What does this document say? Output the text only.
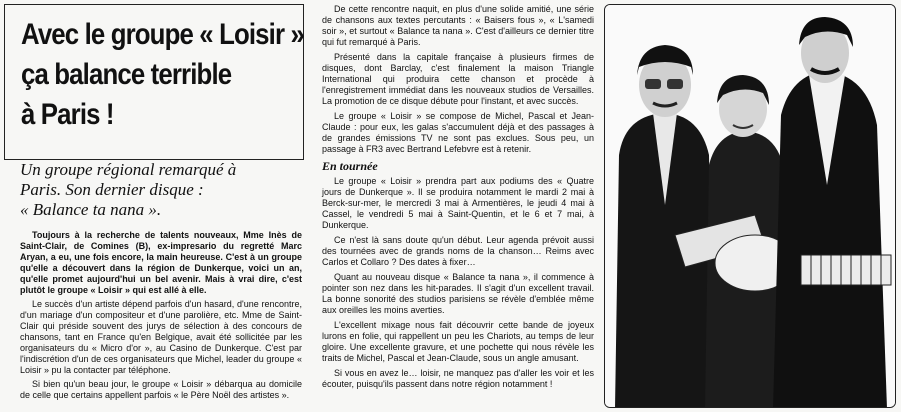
Avec le groupe « Loisir »
ça balance terrible
à Paris !
Un groupe régional remarqué à
Paris. Son dernier disque :
« Balance ta nana ».

Toujours à la recherche de talents nouveaux, Mme Inès de Saint-Clair, de Comines (B), ex-impresario du regretté Marc Aryan, a eu, une fois encore, la main heureuse. C'est à un groupe qu'elle a découvert dans la région de Dunkerque, voici un an, qu'elle promet aujourd'hui un bel avenir. Mais à vrai dire, c'est plutôt le groupe « Loisir » qui est allé à elle.

Le succès d'un artiste dépend parfois d'un hasard, d'une rencontre, d'un mariage d'un compositeur et d'une parolière, etc. Mme de Saint-Clair qui préside souvent des jurys de sélection à des concours de chansons, tant en France qu'en Belgique, avait été sollicitée par les organisateurs du « Micro d'or », au Casino de Dunkerque. C'est par l'indiscrétion d'un de ces organisateurs que Michel, leader du groupe « Loisir » pu la contacter par téléphone.

Si bien qu'un beau jour, le groupe « Loisir » débarqua au domicile de celle que certains appellent parfois « le Père Noël des artistes ».

De cette rencontre naquit, en plus d'une solide amitié, une série de chansons aux textes percutants : « Baisers fous », « L'samedi soir », et surtout « Balance ta nana ». C'est d'ailleurs ce dernier titre qui fut remarqué à Paris.

Présenté dans la capitale française à plusieurs firmes de disques, dont Barclay, c'est finalement la maison Triangle International qui produira cette chanson et procède à l'enregistrement immédiat dans les nouveaux studios de Versailles. La promotion de ce disque débute pour l'instant, et avec succès.

Le groupe « Loisir » se compose de Michel, Pascal et Jean-Claude : pour eux, les galas s'accumulent déjà et des passages à de grandes émissions TV ne sont pas exclues. Sous peu, un passage à FR3 avec Bertrand Lefebvre est à retenir.

En tournée

Le groupe « Loisir » prendra part aux podiums des « Quatre jours de Dunkerque ». Il se produira notamment le mardi 2 mai à Berck-sur-mer, le mercredi 3 mai à Armentières, le jeudi 4 mai à Cassel, le vendredi 5 mai à Saint-Quentin, et le 6 et 7 mai, à Dunkerque.

Ce n'est là sans doute qu'un début. Leur agenda prévoit aussi des tournées avec de grands noms de la chanson… Reims avec Carlos et Collaro ? Des dates à fixer…

Quant au nouveau disque « Balance ta nana », il commence à pointer son nez dans les hit-parades. Il s'agit d'un excellent travail. La bonne sonorité des studios parisiens se révèle d'emblée même aux oreilles les moins averties.

L'excellent mixage nous fait découvrir cette bande de joyeux lurons en folie, qui rappellent un peu les Chariots, au temps de leur gloire. Une excellente gravure, et une pochette qui nous révèle les traits de Michel, Pascal et Jean-Claude, sous un angle amusant.

Si vous en avez le… loisir, ne manquez pas d'aller les voir et les écouter, puisqu'ils passent dans notre région notamment !
